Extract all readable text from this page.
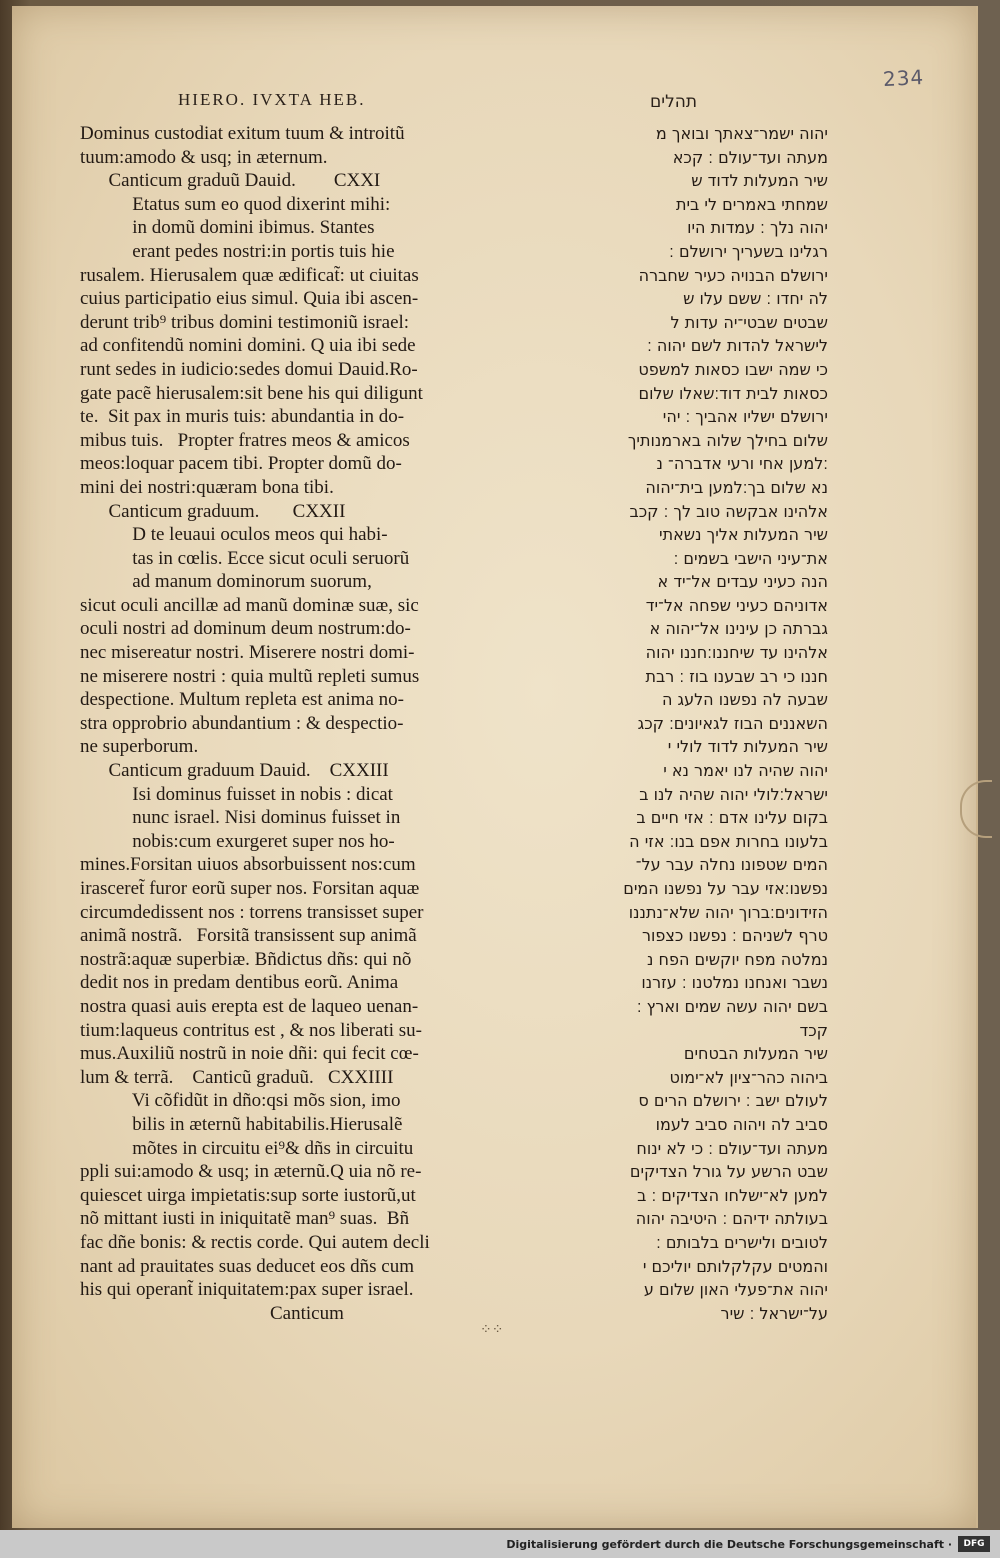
234
HIERO. IVXTA HEB.	תהלים
Dominus custodiat exitum tuum & introitũ
tuum:amodo & usq; in æternum.
Canticum graduũ Dauid.        CXXI
Etatus sum eo quod dixerint mihi:
in domũ domini ibimus. Stantes
erant pedes nostri:in portis tuis hie
rusalem. Hierusalem quæ ædificat̃: ut ciuitas
cuius participatio eius simul. Quia ibi ascen-
derunt trib⁹ tribus domini testimoniũ israel:
ad confitendũ nomini domini. Q uia ibi sede
runt sedes in iudicio:sedes domui Dauid.Ro-
gate pacẽ hierusalem:sit bene his qui diligunt
te.  Sit pax in muris tuis: abundantia in do-
mibus tuis.   Propter fratres meos & amicos
meos:loquar pacem tibi. Propter domũ do-
mini dei nostri:quæram bona tibi.
Canticum graduum.       CXXII
D te leuaui oculos meos qui habi-
tas in cœlis. Ecce sicut oculi seruorũ
ad manum dominorum suorum,
sicut oculi ancillæ ad manũ dominæ suæ, sic
oculi nostri ad dominum deum nostrum:do-
nec misereatur nostri. Miserere nostri domi-
ne miserere nostri : quia multũ repleti sumus
despectione. Multum repleta est anima no-
stra opprobrio abundantium : & despectio-
ne superborum.
Canticum graduum Dauid.    CXXIII
Isi dominus fuisset in nobis : dicat
nunc israel. Nisi dominus fuisset in
nobis:cum exurgeret super nos ho-
mines.Forsitan uiuos absorbuissent nos:cum
irasceret̃ furor eorũ super nos. Forsitan aquæ
circumdedissent nos : torrens transisset super
animã nostrã.   Forsitã transissent sup animã
nostrã:aquæ superbiæ. Bñdictus dñs: qui nõ
dedit nos in predam dentibus eorũ. Anima
nostra quasi auis erepta est de laqueo uenan-
tium:laqueus contritus est , & nos liberati su-
mus.Auxiliũ nostrũ in noie dñi: qui fecit cœ-
lum & terrã.    Canticũ graduũ.   CXXIIII
Vi cõfidũt in dño:qsi mõs sion, imo
bilis in æternũ habitabilis.Hierusalẽ
mõtes in circuitu ei⁹& dñs in circuitu
ppli sui:amodo & usq; in æternũ.Q uia nõ re-
quiescet uirga impietatis:sup sorte iustorũ,ut
nõ mittant iusti in iniquitatẽ man⁹ suas.  Bñ
fac dñe bonis: & rectis corde. Qui autem decli
nant ad prauitates suas deducet eos dñs cum
his qui operant̃ iniquitatem:pax super israel.
Canticum
יהוה ישמר־צאתך ובואך מ
מעתה ועד־עולם ׃ קכא
שיר המעלות לדוד ש
שמחתי באמרים לי בית
יהוה נלך ׃ עמדות היו
רגלינו בשעריך ירושלם ׃
ירושלם הבנויה כעיר שחברה
לה יחדו ׃ ששם עלו ש
שבטים שבטי־יה עדות ל
לישראל להדות לשם יהוה ׃
כי שמה ישבו כסאות למשפט
כסאות לבית דוד׃שאלו שלום
ירושלם ישליו אהביך ׃ יהי
שלום בחילך שלוה בארמנותיך
׃למען אחי ורעי אדברה־ נ
נא שלום בך׃למען בית־יהוה
אלהינו אבקשה טוב לך ׃ קכב
שיר המעלות אליך נשאתי
את־עיני הישבי בשמים ׃
הנה כעיני עבדים אל־יד א
אדוניהם כעיני שפחה אל־יד
גברתה כן עינינו אל־יהוה א
אלהינו עד שיחננו׃חננו יהוה
חננו כי רב שבענו בוז ׃ רבת
שבעה לה נפשנו הלעג ה
השאננים הבוז לגאיונים׃ קכג
שיר המעלות לדוד לולי י
יהוה שהיה לנו יאמר נא י
ישראל׃לולי יהוה שהיה לנו ב
בקום עלינו אדם ׃ אזי חיים ב
בלעונו בחרות אפם בנו׃ אזי ה
המים שטפונו נחלה עבר על־
נפשנו׃אזי עבר על נפשנו המים
הזידונים׃ברוך יהוה שלא־נתננו
טרף לשניהם ׃ נפשנו כצפור
נמלטה מפח יוקשים הפח נ
נשבר ואנחנו נמלטנו ׃ עזרנו
בשם יהוה עשה שמים וארץ ׃
קכד
שיר המעלות הבטחים
ביהוה כהר־ציון לא־ימוט
לעולם ישב ׃ ירושלם הרים ס
סביב לה ויהוה סביב לעמו
מעתה ועד־עולם ׃ כי לא ינוח
שבט הרשע על גורל הצדיקים
למען לא־ישלחו הצדיקים ׃ ב
בעולתה ידיהם ׃ היטיבה יהוה
לטובים ולישרים בלבותם ׃
והמטים עקלקלותם יוליכם י
יהוה את־פעלי האון שלום ע
על־ישראל ׃ שיר
⁘⁘
Digitalisierung gefördert durch die Deutsche Forschungsgemeinschaft ·	DFG
